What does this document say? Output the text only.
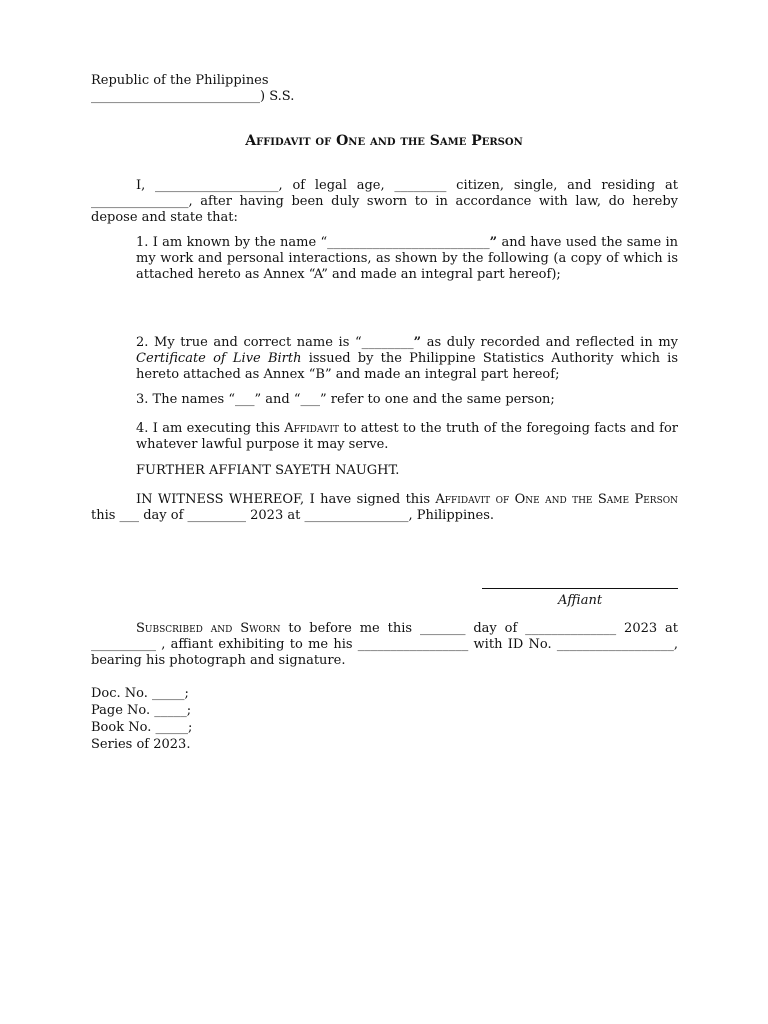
Republic of the Philippines
__________________________) S.S.
Affidavit of One and the Same Person
I, ___________________, of legal age, ________ citizen, single, and residing at _______________, after having been duly sworn to in accordance with law, do hereby depose and state that:
1. I am known by the name “_________________________” and have used the same in my work and personal interactions, as shown by the following (a copy of which is attached hereto as Annex “A” and made an integral part hereof);
2. My true and correct name is “________” as duly recorded and reflected in my Certificate of Live Birth issued by the Philippine Statistics Authority which is hereto attached as Annex “B” and made an integral part hereof;
3. The names “___” and “___” refer to one and the same person;
4. I am executing this Affidavit to attest to the truth of the foregoing facts and for whatever lawful purpose it may serve.
FURTHER AFFIANT SAYETH NAUGHT.
IN WITNESS WHEREOF, I have signed this Affidavit of One and the Same Person this ___ day of _________ 2023 at ________________, Philippines.
Affiant
Subscribed and Sworn to before me this _______ day of ______________ 2023 at __________ , affiant exhibiting to me his _________________ with ID No. __________________, bearing his photograph and signature.
Doc. No. _____;
Page No. _____;
Book No. _____;
Series of 2023.
